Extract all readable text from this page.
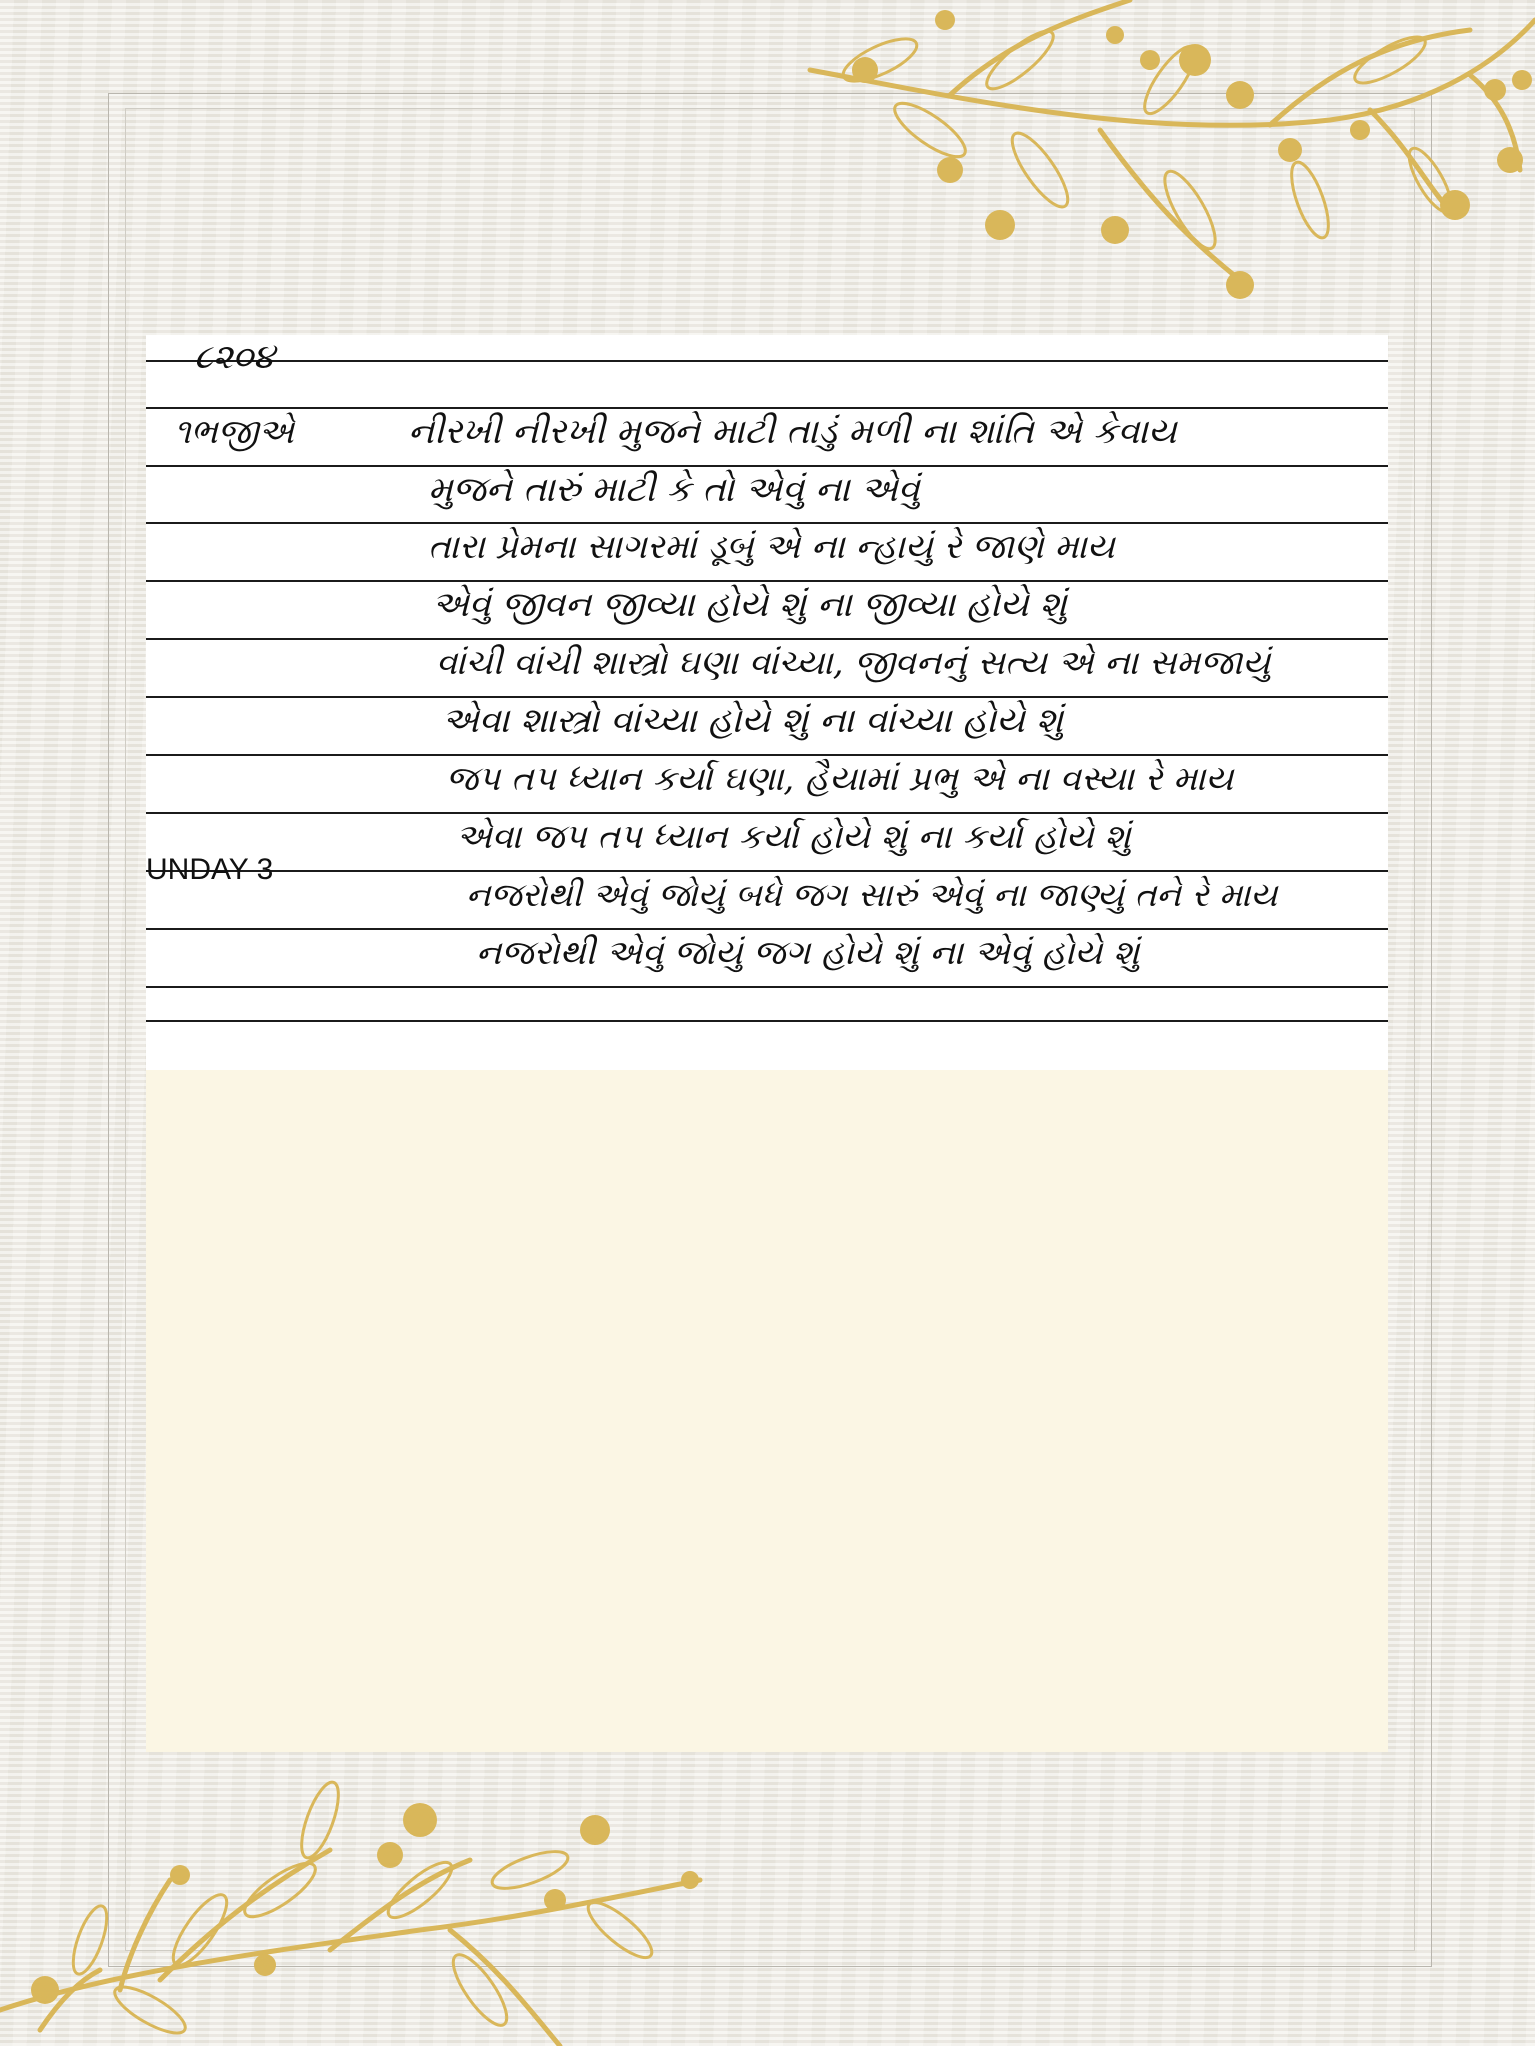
૮૨૦૪
૧ભજીએ	નીરખી નીરખી મુજને માટી તાડું મળી ના શાંતિ એ કેવાય
મુજને તારું માટી કે તો એવું ના એવું
તારા પ્રેમના સાગરમાં ડૂબું એ ના ન્હાયું રે જાણે માય
એવું જીવન જીવ્યા હોયે શું ના જીવ્યા હોયે શું
વાંચી વાંચી શાસ્ત્રો ઘણા વાંચ્યા, જીવનનું સત્ય એ ના સમજાયું
એવા શાસ્ત્રો વાંચ્યા હોયે શું ના વાંચ્યા હોયે શું
જપ તપ ધ્યાન કર્યા ઘણા, હૈયામાં પ્રભુ એ ના વસ્યા રે માય
એવા જપ તપ ધ્યાન કર્યા હોયે શું ના કર્યા હોયે શું
નજરોથી એવું જોયું બધે જગ સારું એવું ના જાણ્યું તને રે માય
નજરોથી એવું જોયું જગ હોયે શું ના એવું હોયે શું
UNDAY 3
